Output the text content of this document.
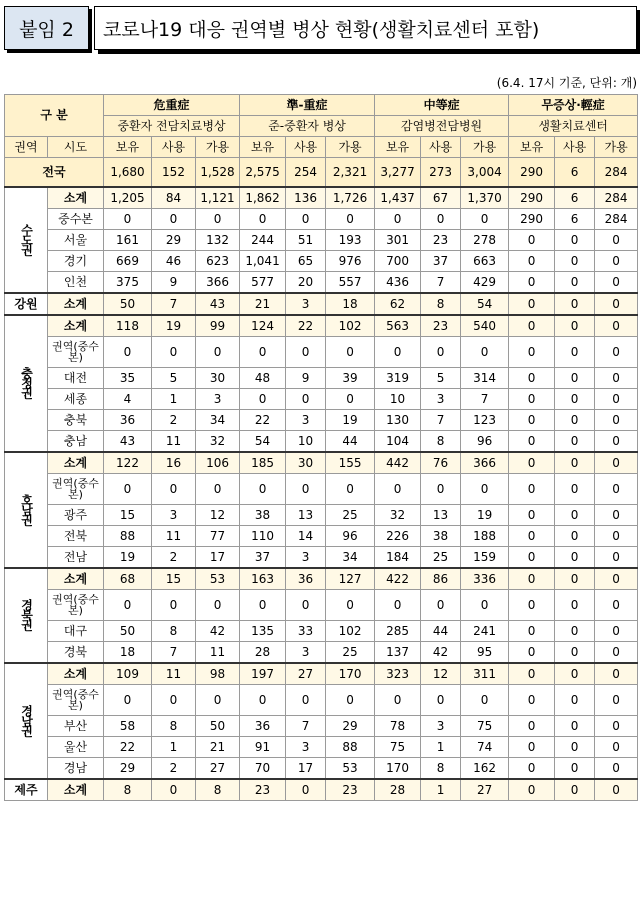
붙임 2	코로나19 대응 권역별 병상 현황(생활치료센터 포함)
(6.4. 17시 기준, 단위: 개)
구 분		危重症			準-重症			中等症			무증상·輕症		
		중환자 전담치료병상			준-중환자 병상			감염병전담병원			생활치료센터		
권역	시도	보유	사용	가용	보유	사용	가용	보유	사용	가용	보유	사용	가용
전국		1,680	152	1,528	2,575	254	2,321	3,277	273	3,004	290	6	284
수도권	소계	1,205	84	1,121	1,862	136	1,726	1,437	67	1,370	290	6	284
	중수본	0	0	0	0	0	0	0	0	0	290	6	284
	서울	161	29	132	244	51	193	301	23	278	0	0	0
	경기	669	46	623	1,041	65	976	700	37	663	0	0	0
	인천	375	9	366	577	20	557	436	7	429	0	0	0
강원	소계	50	7	43	21	3	18	62	8	54	0	0	0
충청권	소계	118	19	99	124	22	102	563	23	540	0	0	0
	권역(중수본)	0	0	0	0	0	0	0	0	0	0	0	0
	대전	35	5	30	48	9	39	319	5	314	0	0	0
	세종	4	1	3	0	0	0	10	3	7	0	0	0
	충북	36	2	34	22	3	19	130	7	123	0	0	0
	충남	43	11	32	54	10	44	104	8	96	0	0	0
호남권	소계	122	16	106	185	30	155	442	76	366	0	0	0
	권역(중수본)	0	0	0	0	0	0	0	0	0	0	0	0
	광주	15	3	12	38	13	25	32	13	19	0	0	0
	전북	88	11	77	110	14	96	226	38	188	0	0	0
	전남	19	2	17	37	3	34	184	25	159	0	0	0
경북권	소계	68	15	53	163	36	127	422	86	336	0	0	0
	권역(중수본)	0	0	0	0	0	0	0	0	0	0	0	0
	대구	50	8	42	135	33	102	285	44	241	0	0	0
	경북	18	7	11	28	3	25	137	42	95	0	0	0
경남권	소계	109	11	98	197	27	170	323	12	311	0	0	0
	권역(중수본)	0	0	0	0	0	0	0	0	0	0	0	0
	부산	58	8	50	36	7	29	78	3	75	0	0	0
	울산	22	1	21	91	3	88	75	1	74	0	0	0
	경남	29	2	27	70	17	53	170	8	162	0	0	0
제주	소계	8	0	8	23	0	23	28	1	27	0	0	0
